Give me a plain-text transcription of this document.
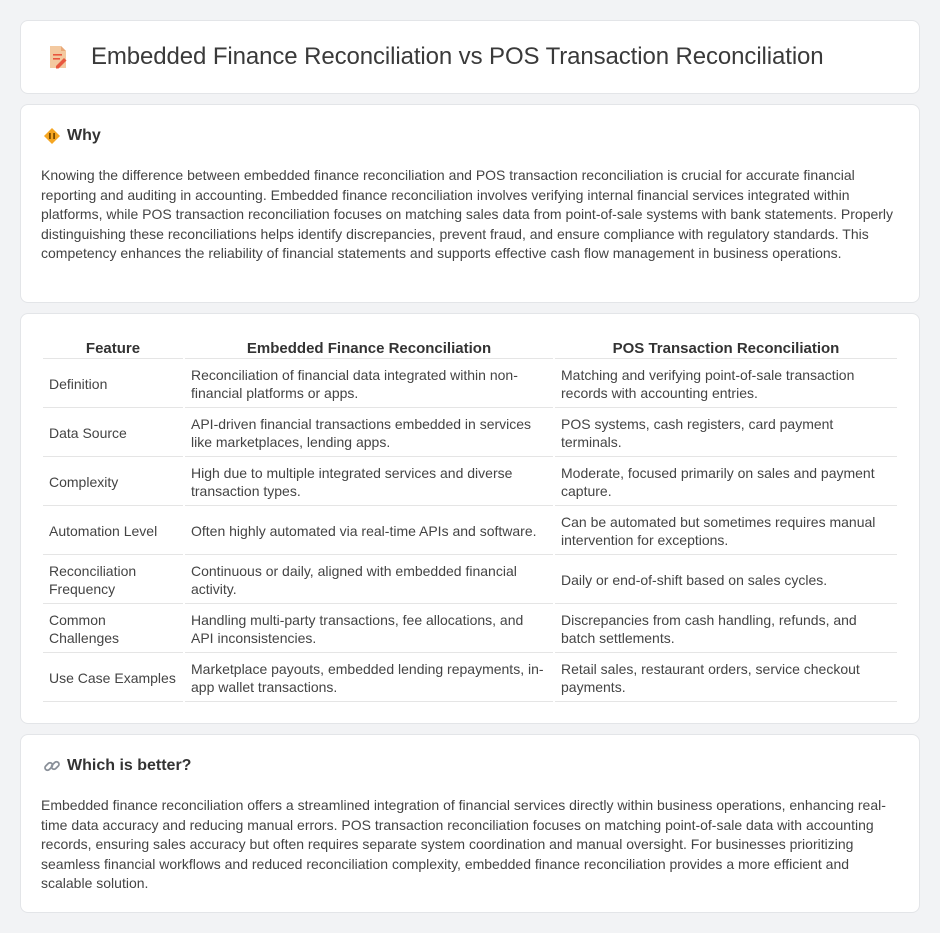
Embedded Finance Reconciliation vs POS Transaction Reconciliation
Why
Knowing the difference between embedded finance reconciliation and POS transaction reconciliation is crucial for accurate financial reporting and auditing in accounting. Embedded finance reconciliation involves verifying internal financial services integrated within platforms, while POS transaction reconciliation focuses on matching sales data from point-of-sale systems with bank statements. Properly distinguishing these reconciliations helps identify discrepancies, prevent fraud, and ensure compliance with regulatory standards. This competency enhances the reliability of financial statements and supports effective cash flow management in business operations.
Feature	Embedded Finance Reconciliation	POS Transaction Reconciliation
Definition	Reconciliation of financial data integrated within non-financial platforms or apps.	Matching and verifying point-of-sale transaction records with accounting entries.
Data Source	API-driven financial transactions embedded in services like marketplaces, lending apps.	POS systems, cash registers, card payment terminals.
Complexity	High due to multiple integrated services and diverse transaction types.	Moderate, focused primarily on sales and payment capture.
Automation Level	Often highly automated via real-time APIs and software.	Can be automated but sometimes requires manual intervention for exceptions.
Reconciliation Frequency	Continuous or daily, aligned with embedded financial activity.	Daily or end-of-shift based on sales cycles.
Common Challenges	Handling multi-party transactions, fee allocations, and API inconsistencies.	Discrepancies from cash handling, refunds, and batch settlements.
Use Case Examples	Marketplace payouts, embedded lending repayments, in-app wallet transactions.	Retail sales, restaurant orders, service checkout payments.
Which is better?
Embedded finance reconciliation offers a streamlined integration of financial services directly within business operations, enhancing real-time data accuracy and reducing manual errors. POS transaction reconciliation focuses on matching point-of-sale data with accounting records, ensuring sales accuracy but often requires separate system coordination and manual oversight. For businesses prioritizing seamless financial workflows and reduced reconciliation complexity, embedded finance reconciliation provides a more efficient and scalable solution.
